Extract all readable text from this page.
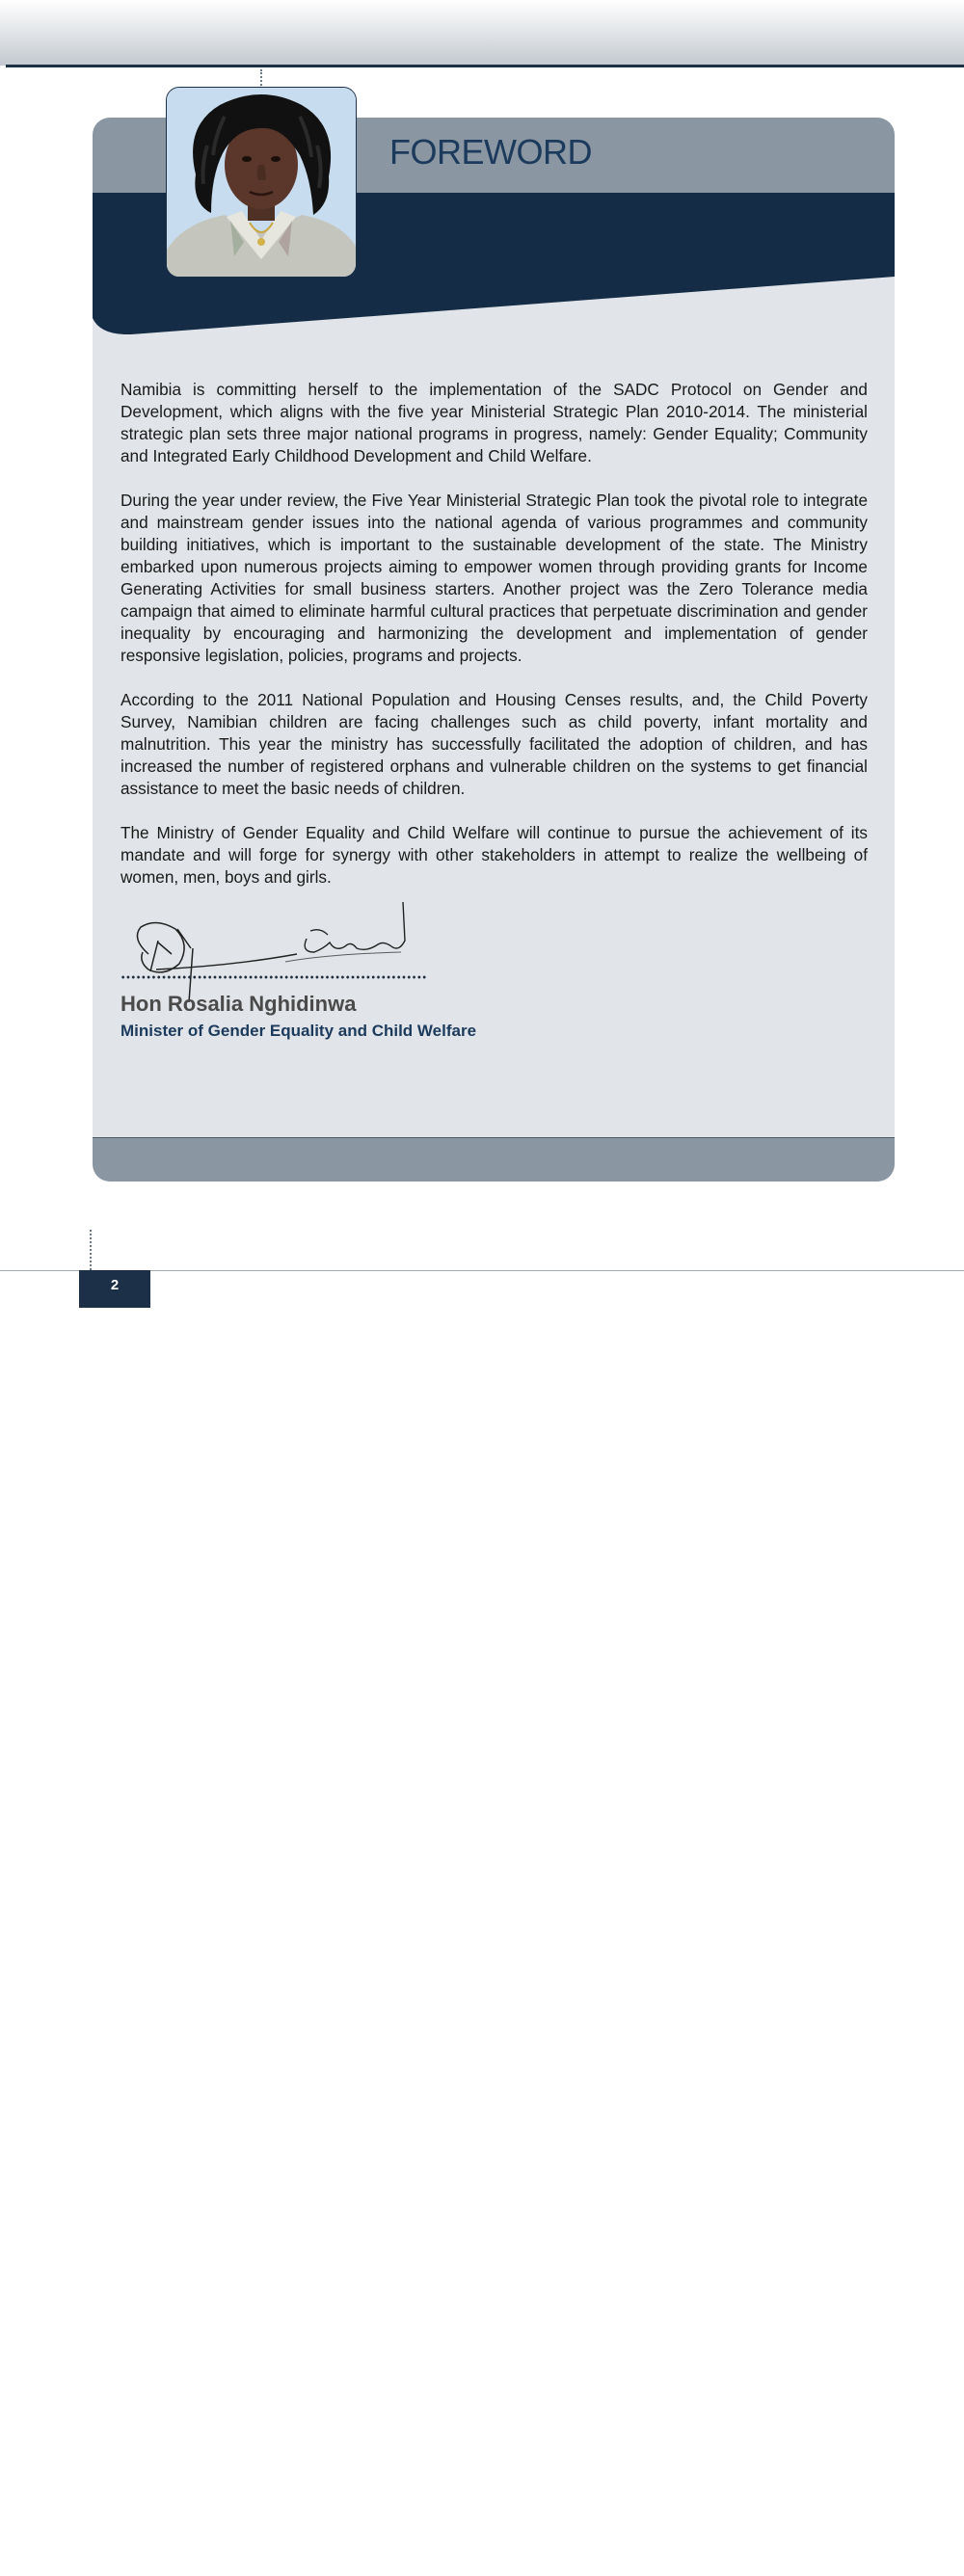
FOREWORD

Namibia is committing herself to the implementation of the SADC Protocol on Gender and Development, which aligns with the five year Ministerial Strategic Plan 2010-2014. The ministerial strategic plan sets three major national programs in progress, namely: Gender Equality; Community and Integrated Early Childhood Development and Child Welfare.

During the year under review, the Five Year Ministerial Strategic Plan took the pivotal role to integrate and mainstream gender issues into the national agenda of various programmes and community building initiatives, which is important to the sustainable development of the state. The Ministry embarked upon numerous projects aiming to empower women through providing grants for Income Generating Activities for small business starters. Another project was the Zero Tolerance media campaign that aimed to eliminate harmful cultural practices that perpetuate discrimination and gender inequality by encouraging and harmonizing the development and implementation of gender responsive legislation, policies, programs and projects.

According to the 2011 National Population and Housing Censes results, and, the Child Poverty Survey, Namibian children are facing challenges such as child poverty, infant mortality and malnutrition. This year the ministry has successfully facilitated the adoption of children, and has increased the number of registered orphans and vulnerable children on the systems to get financial assistance to meet the basic needs of children.

The Ministry of Gender Equality and Child Welfare will continue to pursue the achievement of its mandate and will forge for synergy with other stakeholders in attempt to realize the wellbeing of women, men, boys and girls.

Hon Rosalia Nghidinwa

Minister of Gender Equality and Child Welfare

2
